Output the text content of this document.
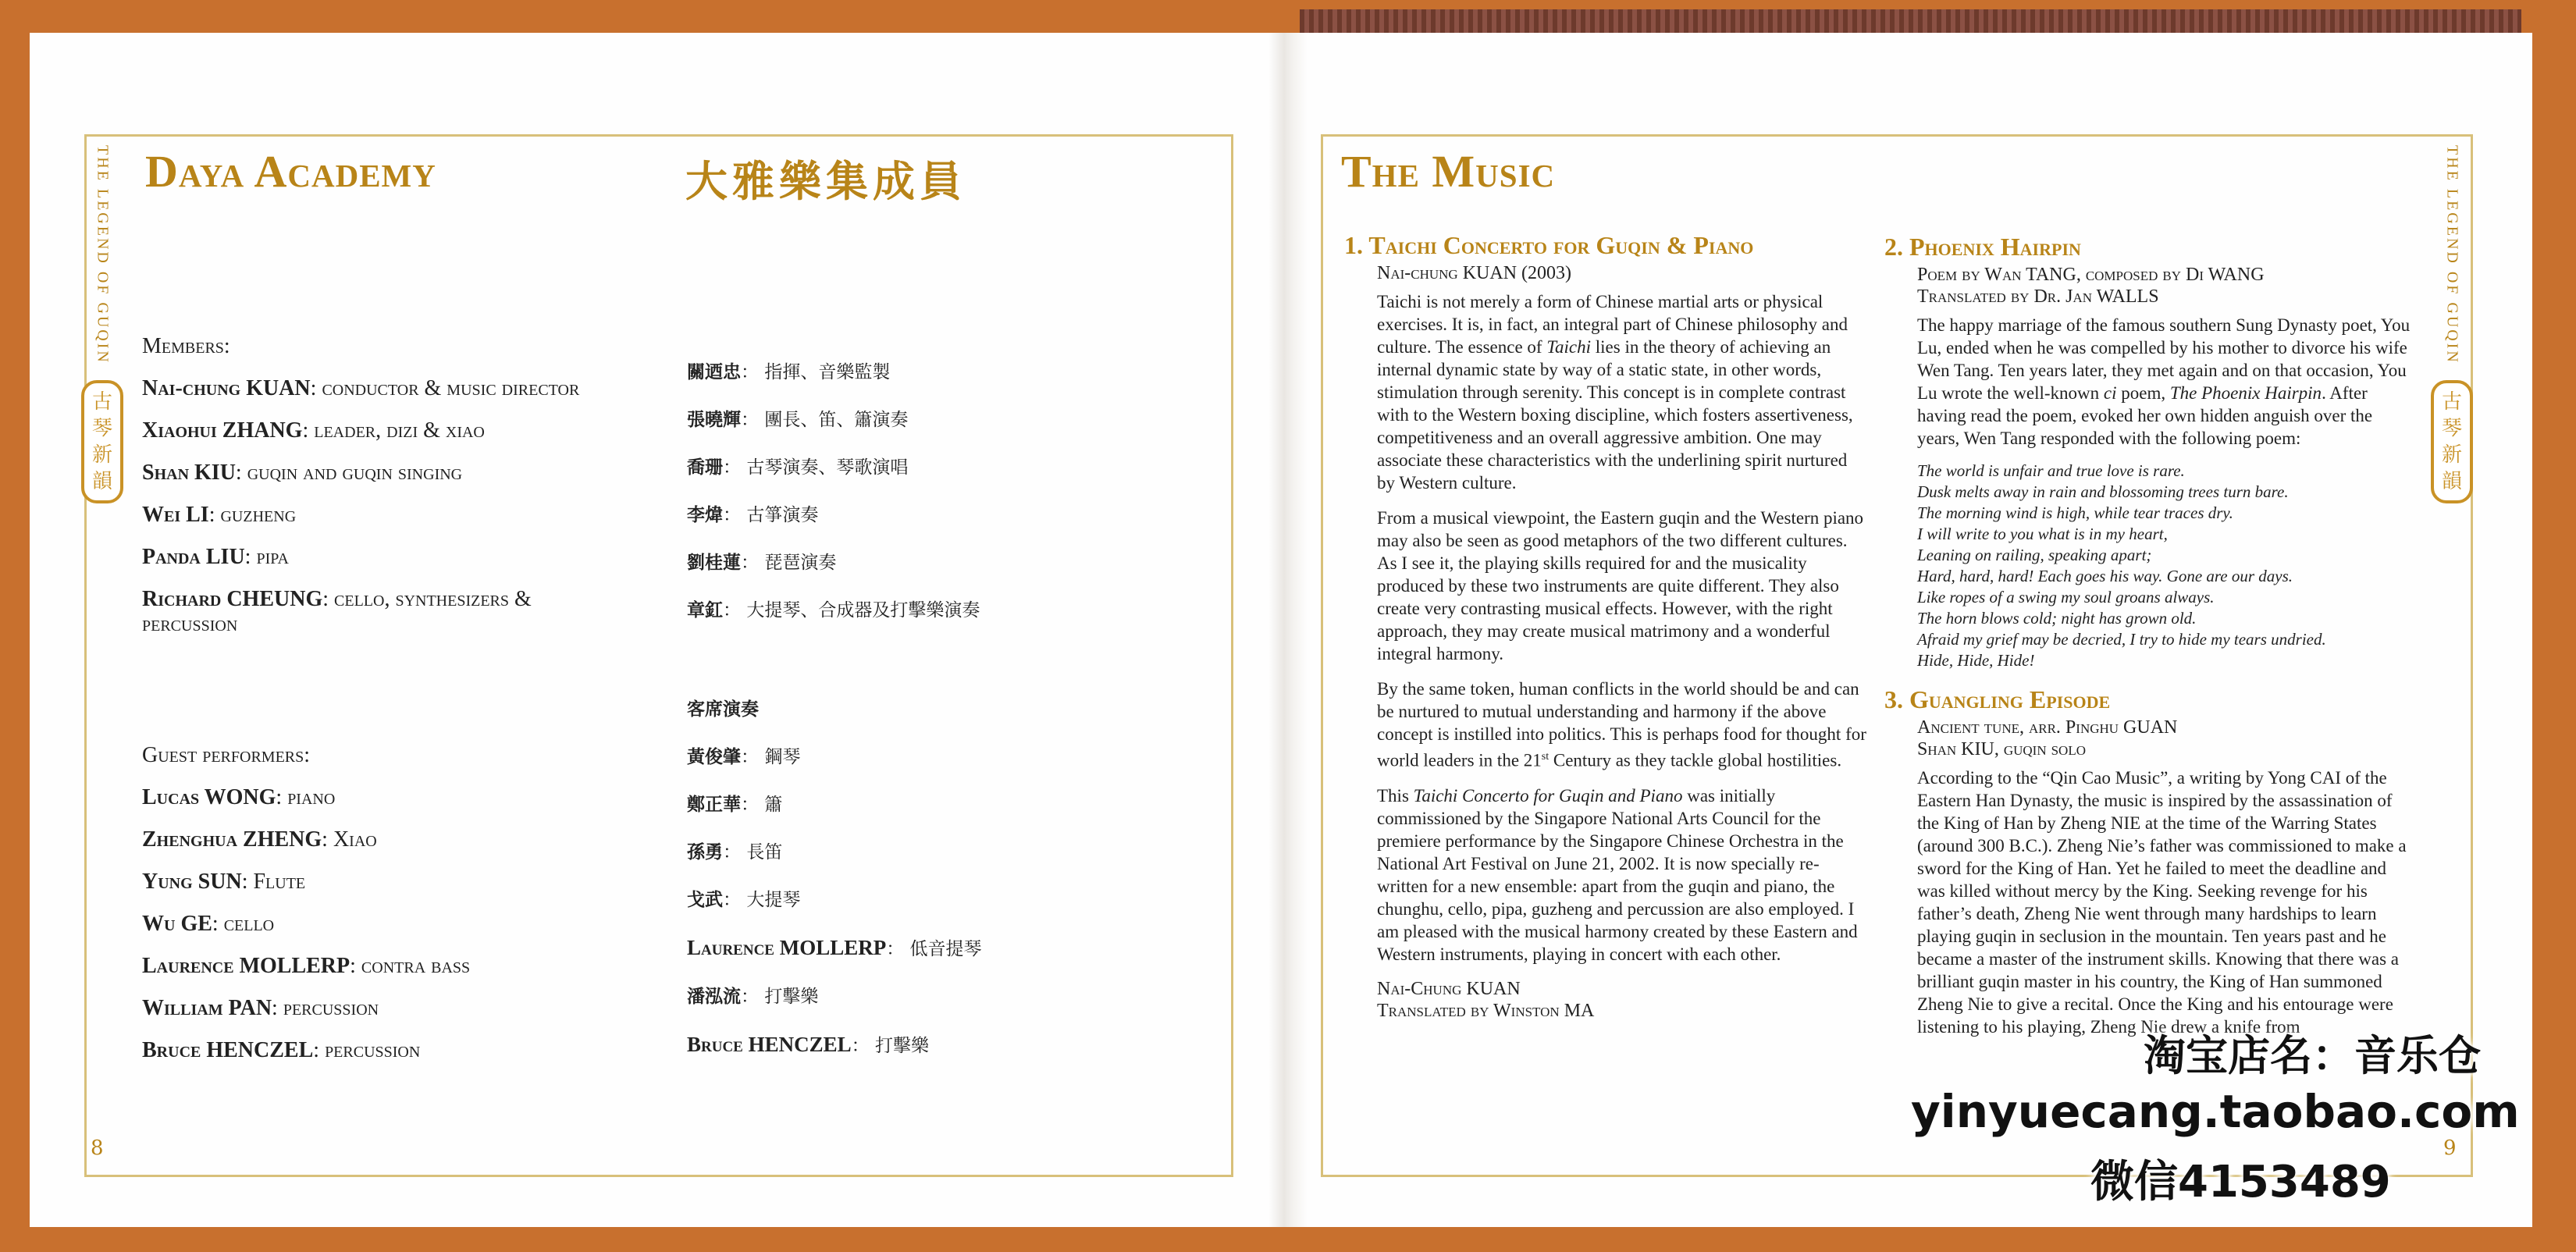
THE LEGEND OF GUQIN
古
琴
新
韻
Daya Academy	大雅樂集成員
Members:
Nai-chung KUAN: conductor & music director
Xiaohui ZHANG: leader, dizi & xiao
Shan KIU: guqin and guqin singing
Wei LI: guzheng
Panda LIU: pipa
Richard CHEUNG: cello, synthesizers & percussion
Guest performers:
Lucas WONG: piano
Zhenghua ZHENG: Xiao
Yung SUN: Flute
Wu GE: cello
Laurence MOLLERP: contra bass
William PAN: percussion
Bruce HENCZEL: percussion
關迺忠： 指揮、音樂監製
張曉輝： 團長、笛、簫演奏
喬珊： 古琴演奏、琴歌演唱
李煒： 古箏演奏
劉桂蓮： 琵琶演奏
章釭： 大提琴、合成器及打擊樂演奏
客席演奏
黃俊肇： 鋼琴
鄭正華： 簫
孫勇： 長笛
戈武： 大提琴
Laurence MOLLERP： 低音提琴
潘泓流： 打擊樂
Bruce HENCZEL： 打擊樂
8
THE LEGEND OF GUQIN
古
琴
新
韻
The Music
1. Taichi Concerto for Guqin & Piano
Nai-chung KUAN (2003)

Taichi is not merely a form of Chinese martial arts or physical exercises. It is, in fact, an integral part of Chinese philosophy and culture. The essence of Taichi lies in the theory of achieving an internal dynamic state by way of a static state, in other words, stimulation through serenity. This concept is in complete contrast with to the Western boxing discipline, which fosters assertiveness, competitiveness and an overall aggressive ambition. One may associate these characteristics with the underlining spirit nurtured by Western culture.

From a musical viewpoint, the Eastern guqin and the Western piano may also be seen as good metaphors of the two different cultures. As I see it, the playing skills required for and the musicality produced by these two instruments are quite different. They also create very contrasting musical effects. However, with the right approach, they may create musical matrimony and a wonderful integral harmony.

By the same token, human conflicts in the world should be and can be nurtured to mutual understanding and harmony if the above concept is instilled into politics. This is perhaps food for thought for world leaders in the 21st Century as they tackle global hostilities.

This Taichi Concerto for Guqin and Piano was initially commissioned by the Singapore National Arts Council for the premiere performance by the Singapore Chinese Orchestra in the National Art Festival on June 21, 2002. It is now specially re-written for a new ensemble: apart from the guqin and piano, the chunghu, cello, pipa, guzheng and percussion are also employed. I am pleased with the musical harmony created by these Eastern and Western instruments, playing in concert with each other.

Nai-Chung KUAN
Translated by Winston MA
2. Phoenix Hairpin
Poem by Wan TANG, composed by Di WANG
Translated by Dr. Jan WALLS

The happy marriage of the famous southern Sung Dynasty poet, You Lu, ended when he was compelled by his mother to divorce his wife Wen Tang. Ten years later, they met again and on that occasion, You Lu wrote the well-known ci poem, The Phoenix Hairpin. After having read the poem, evoked her own hidden anguish over the years, Wen Tang responded with the following poem:

The world is unfair and true love is rare.
Dusk melts away in rain and blossoming trees turn bare.
The morning wind is high, while tear traces dry.
I will write to you what is in my heart,
Leaning on railing, speaking apart;
Hard, hard, hard! Each goes his way. Gone are our days.
Like ropes of a swing my soul groans always.
The horn blows cold; night has grown old.
Afraid my grief may be decried, I try to hide my tears undried.
Hide, Hide, Hide!
3. Guangling Episode
Ancient tune, arr. Pinghu GUAN
Shan KIU, guqin solo

According to the “Qin Cao Music”, a writing by Yong CAI of the Eastern Han Dynasty, the music is inspired by the assassination of the King of Han by Zheng NIE at the time of the Warring States (around 300 B.C.). Zheng Nie’s father was commissioned to make a sword for the King of Han. Yet he failed to meet the deadline and was killed without mercy by the King. Seeking revenge for his father’s death, Zheng Nie went through many hardships to learn playing guqin in seclusion in the mountain. Ten years past and he became a master of the instrument skills. Knowing that there was a brilliant guqin master in his country, the King of Han summoned Zheng Nie to give a recital. Once the King and his entourage were listening to his playing, Zheng Nie drew a knife from

9
淘宝店名：音乐仓
yinyuecang.taobao.com
微信4153489
